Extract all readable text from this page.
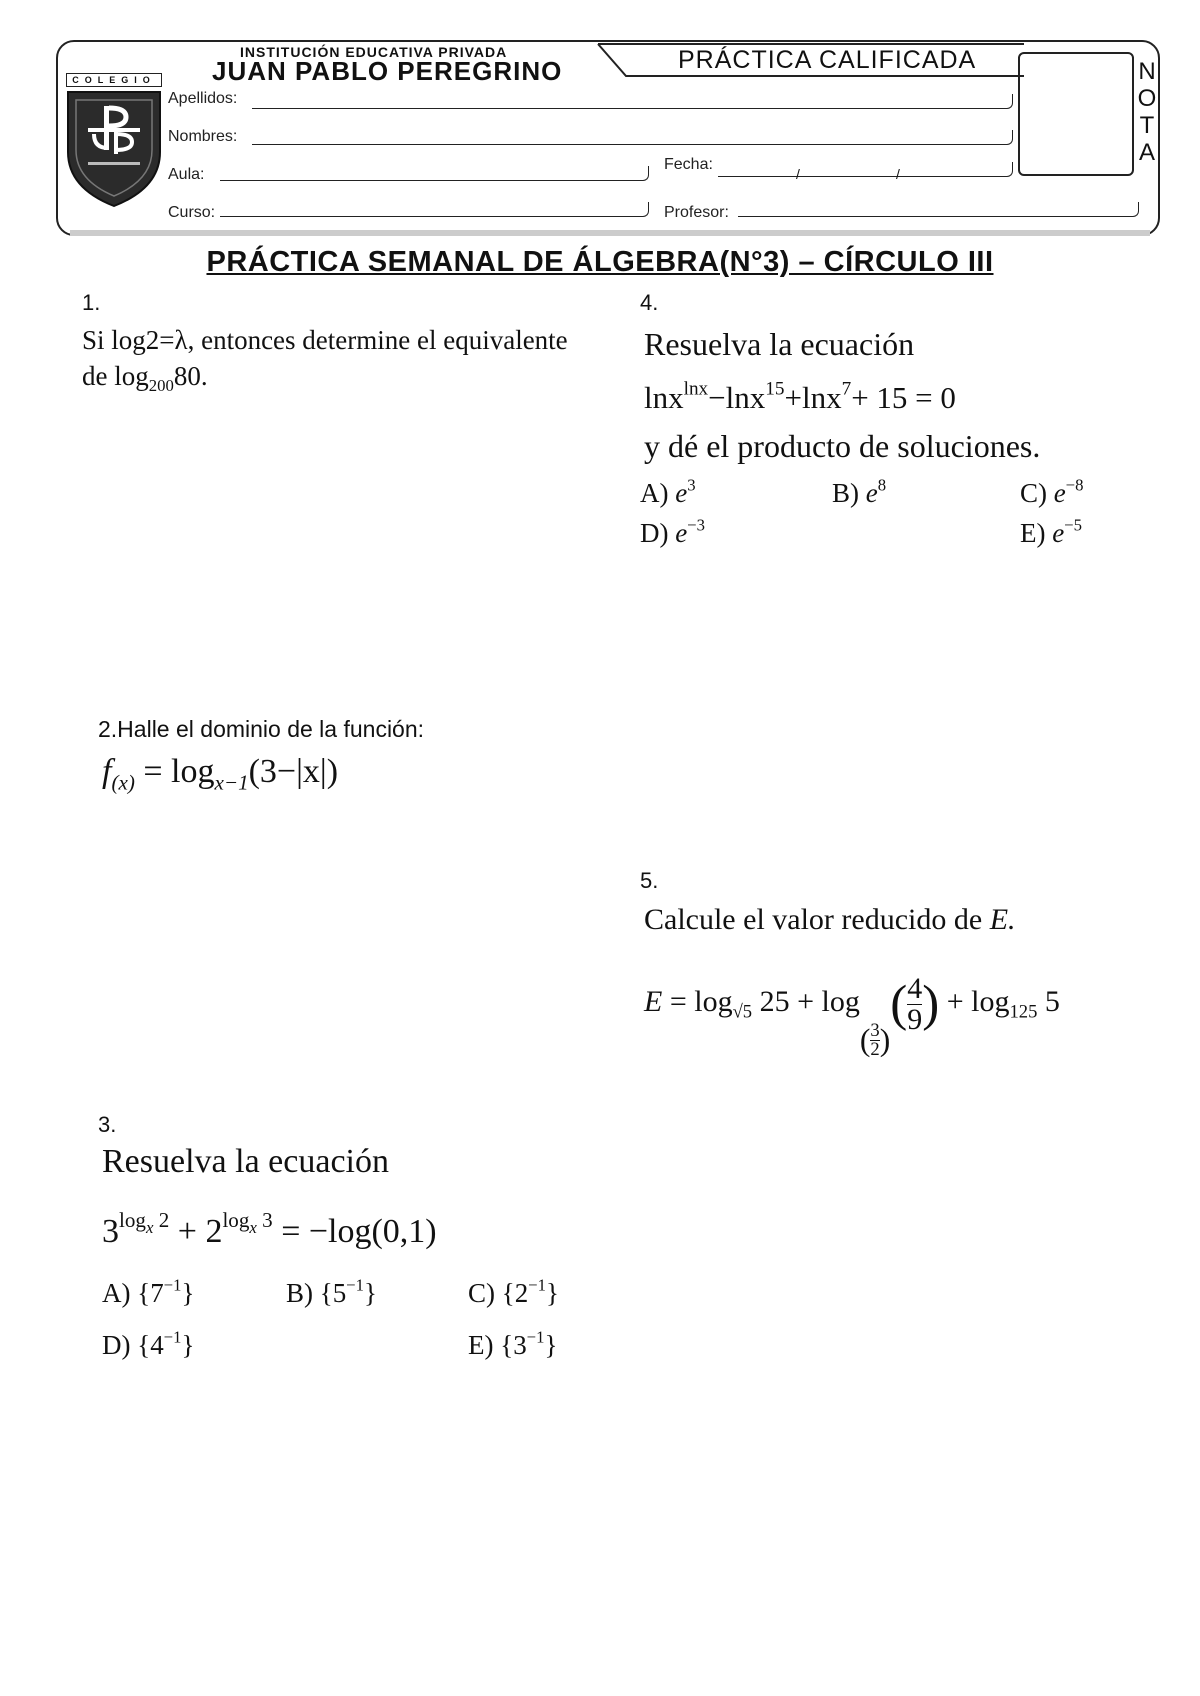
COLEGIO
INSTITUCIÓN EDUCATIVA PRIVADA
JUAN PABLO PEREGRINO	PRÁCTICA CALIFICADA	N
O
T
A
Apellidos:
Nombres:
Aula:
Fecha:
/	/
Curso:	Profesor:
PRÁCTICA SEMANAL DE ÁLGEBRA(N°3) – CÍRCULO III
1.
Si log2=λ, entonces determine el equivalente
de $\log_{200}80$.
2.Halle el dominio de la función:
$f_{(x)} = \log_{x-1}(3-|x|)$
3.
Resuelva la ecuación
$3^{log_x 2} + 2^{log_x 3} = -\log(0,1)$
A) $\{7^{-1}\}$	B) $\{5^{-1}\}$	C) $\{2^{-1}\}$
D) $\{4^{-1}\}$	E) $\{3^{-1}\}$
4.
Resuelva la ecuación
lnx$^{lnx}$−lnx$^{15}$+lnx$^7$+ 15 = 0
y dé el producto de soluciones.
A) $e^3$	B) $e^8$	C) $e^{-8}$
D) $e^{-3}$	E) $e^{-5}$
5.
Calcule el valor reducido de E.
$E = \log_{√5} 25 + \log( \frac{3}{2}$ )( $\frac{4}{9}$ ) + $\log_{125} 5$
